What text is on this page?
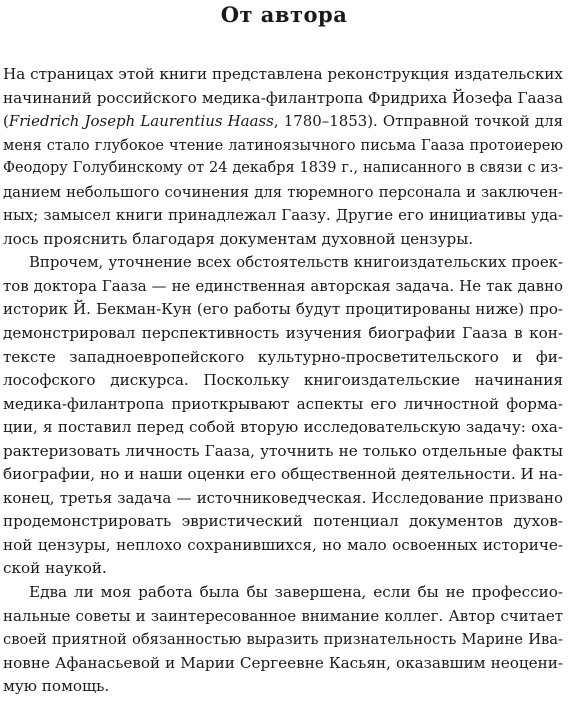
От автора
На страницах этой книги представлена реконструкция издательских
начинаний российского медика-филантропа Фридриха Йозефа Гааза
(Friedrich Joseph Laurentius Haass, 1780–1853). Отправной точкой для
меня стало глубокое чтение латиноязычного письма Гааза протоиерею
Феодору Голубинскому от 24 декабря 1839 г., написанного в связи с из-
данием небольшого сочинения для тюремного персонала и заключен-
ных; замысел книги принадлежал Гаазу. Другие его инициативы уда-
лось прояснить благодаря документам духовной цензуры.
Впрочем, уточнение всех обстоятельств книгоиздательских проек-
тов доктора Гааза — не единственная авторская задача. Не так давно
историк Й. Бекман-Кун (его работы будут процитированы ниже) про-
демонстрировал перспективность изучения биографии Гааза в кон-
тексте западноевропейского культурно-просветительского и фи-
лософского дискурса. Поскольку книгоиздательские начинания
медика-филантропа приоткрывают аспекты его личностной форма-
ции, я поставил перед собой вторую исследовательскую задачу: оха-
рактеризовать личность Гааза, уточнить не только отдельные факты
биографии, но и наши оценки его общественной деятельности. И на-
конец, третья задача — источниковедческая. Исследование призвано
продемонстрировать эвристический потенциал документов духов-
ной цензуры, неплохо сохранившихся, но мало освоенных историче-
ской наукой.
Едва ли моя работа была бы завершена, если бы не профессио-
нальные советы и заинтересованное внимание коллег. Автор считает
своей приятной обязанностью выразить признательность Марине Ива-
новне Афанасьевой и Марии Сергеевне Касьян, оказавшим неоцени-
мую помощь.
